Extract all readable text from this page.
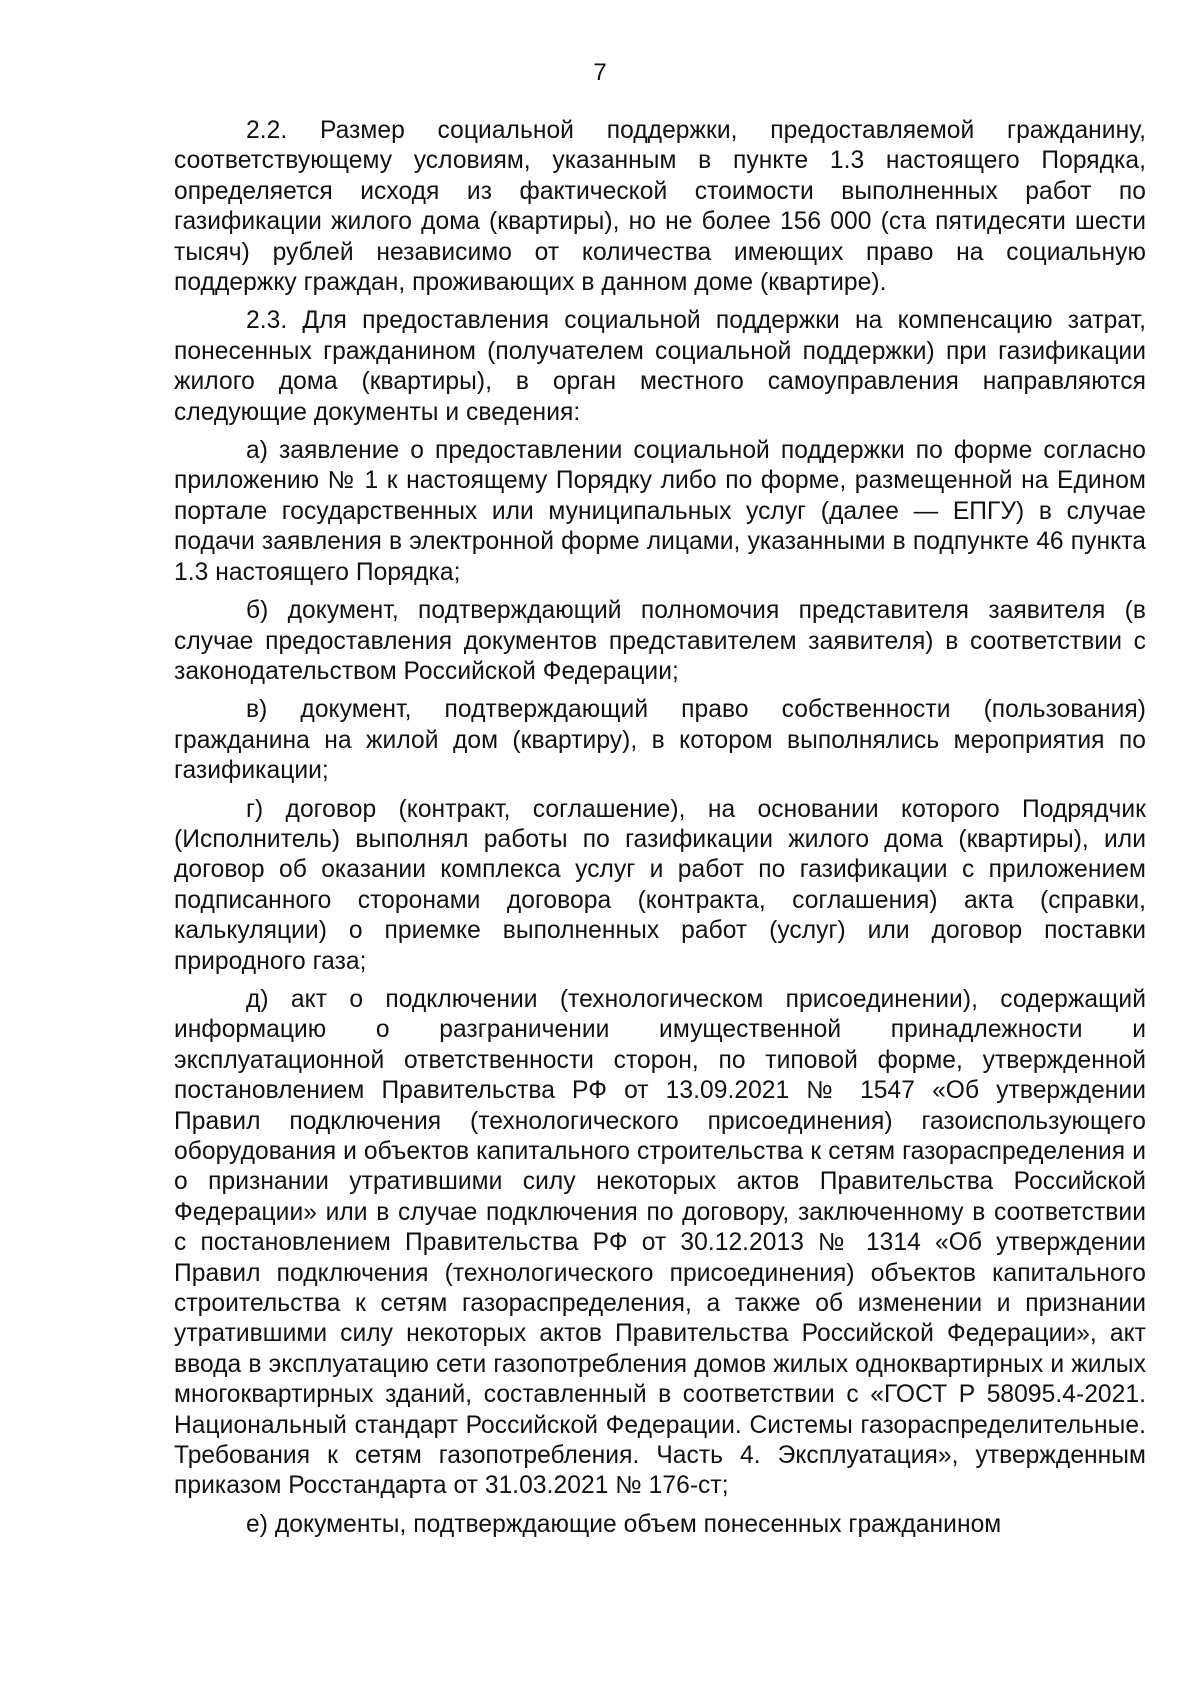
7

2.2. Размер социальной поддержки, предоставляемой гражданину, соответствующему условиям, указанным в пункте 1.3 настоящего Порядка, определяется исходя из фактической стоимости выполненных работ по газификации жилого дома (квартиры), но не более 156 000 (ста пятидесяти шести тысяч) рублей независимо от количества имеющих право на социальную поддержку граждан, проживающих в данном доме (квартире).

2.3. Для предоставления социальной поддержки на компенсацию затрат, понесенных гражданином (получателем социальной поддержки) при газификации жилого дома (квартиры), в орган местного самоуправления направляются следующие документы и сведения:

а) заявление о предоставлении социальной поддержки по форме согласно приложению № 1 к настоящему Порядку либо по форме, размещенной на Едином портале государственных или муниципальных услуг (далее — ЕПГУ) в случае подачи заявления в электронной форме лицами, указанными в подпункте 46 пункта 1.3 настоящего Порядка;

б) документ, подтверждающий полномочия представителя заявителя (в случае предоставления документов представителем заявителя) в соответствии с законодательством Российской Федерации;

в) документ, подтверждающий право собственности (пользования) гражданина на жилой дом (квартиру), в котором выполнялись мероприятия по газификации;

г) договор (контракт, соглашение), на основании которого Подрядчик (Исполнитель) выполнял работы по газификации жилого дома (квартиры), или договор об оказании комплекса услуг и работ по газификации с приложением подписанного сторонами договора (контракта, соглашения) акта (справки, калькуляции) о приемке выполненных работ (услуг) или договор поставки природного газа;

д) акт о подключении (технологическом присоединении), содержащий информацию о разграничении имущественной принадлежности и эксплуатационной ответственности сторон, по типовой форме, утвержденной постановлением Правительства РФ от 13.09.2021 № 1547 «Об утверждении Правил подключения (технологического присоединения) газоиспользующего оборудования и объектов капитального строительства к сетям газораспределения и о признании утратившими силу некоторых актов Правительства Российской Федерации» или в случае подключения по договору, заключенному в соответствии с постановлением Правительства РФ от 30.12.2013 № 1314 «Об утверждении Правил подключения (технологического присоединения) объектов капитального строительства к сетям газораспределения, а также об изменении и признании утратившими силу некоторых актов Правительства Российской Федерации», акт ввода в эксплуатацию сети газопотребления домов жилых одноквартирных и жилых многоквартирных зданий, составленный в соответствии с «ГОСТ Р 58095.4-2021. Национальный стандарт Российской Федерации. Системы газораспределительные. Требования к сетям газопотребления. Часть 4. Эксплуатация», утвержденным приказом Росстандарта от 31.03.2021 № 176-ст;

е) документы, подтверждающие объем понесенных гражданином
